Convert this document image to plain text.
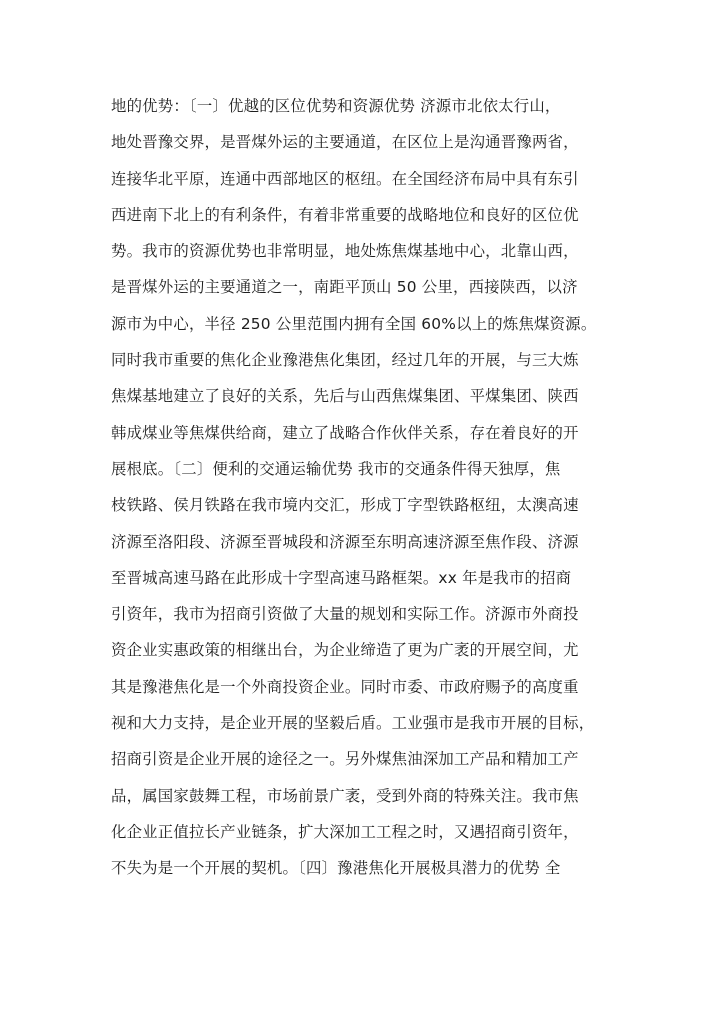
地的优势：〔一〕优越的区位优势和资源优势 济源市北依太行山，
地处晋豫交界，是晋煤外运的主要通道，在区位上是沟通晋豫两省，
连接华北平原，连通中西部地区的枢纽。在全国经济布局中具有东引
西进南下北上的有利条件，有着非常重要的战略地位和良好的区位优
势。我市的资源优势也非常明显，地处炼焦煤基地中心，北靠山西，
是晋煤外运的主要通道之一，南距平顶山 50 公里，西接陕西，以济
源市为中心，半径 250 公里范围内拥有全国 60%以上的炼焦煤资源。
同时我市重要的焦化企业豫港焦化集团，经过几年的开展，与三大炼
焦煤基地建立了良好的关系，先后与山西焦煤集团、平煤集团、陕西
韩成煤业等焦煤供给商，建立了战略合作伙伴关系，存在着良好的开
展根底。〔二〕便利的交通运输优势 我市的交通条件得天独厚，焦
枝铁路、侯月铁路在我市境内交汇，形成丁字型铁路枢纽，太澳高速
济源至洛阳段、济源至晋城段和济源至东明高速济源至焦作段、济源
至晋城高速马路在此形成十字型高速马路框架。xx 年是我市的招商
引资年，我市为招商引资做了大量的规划和实际工作。济源市外商投
资企业实惠政策的相继出台，为企业缔造了更为广袤的开展空间，尤
其是豫港焦化是一个外商投资企业。同时市委、市政府赐予的高度重
视和大力支持，是企业开展的坚毅后盾。工业强市是我市开展的目标，
招商引资是企业开展的途径之一。另外煤焦油深加工产品和精加工产
品，属国家鼓舞工程，市场前景广袤，受到外商的特殊关注。我市焦
化企业正值拉长产业链条，扩大深加工工程之时，又遇招商引资年，
不失为是一个开展的契机。〔四〕豫港焦化开展极具潜力的优势 全
